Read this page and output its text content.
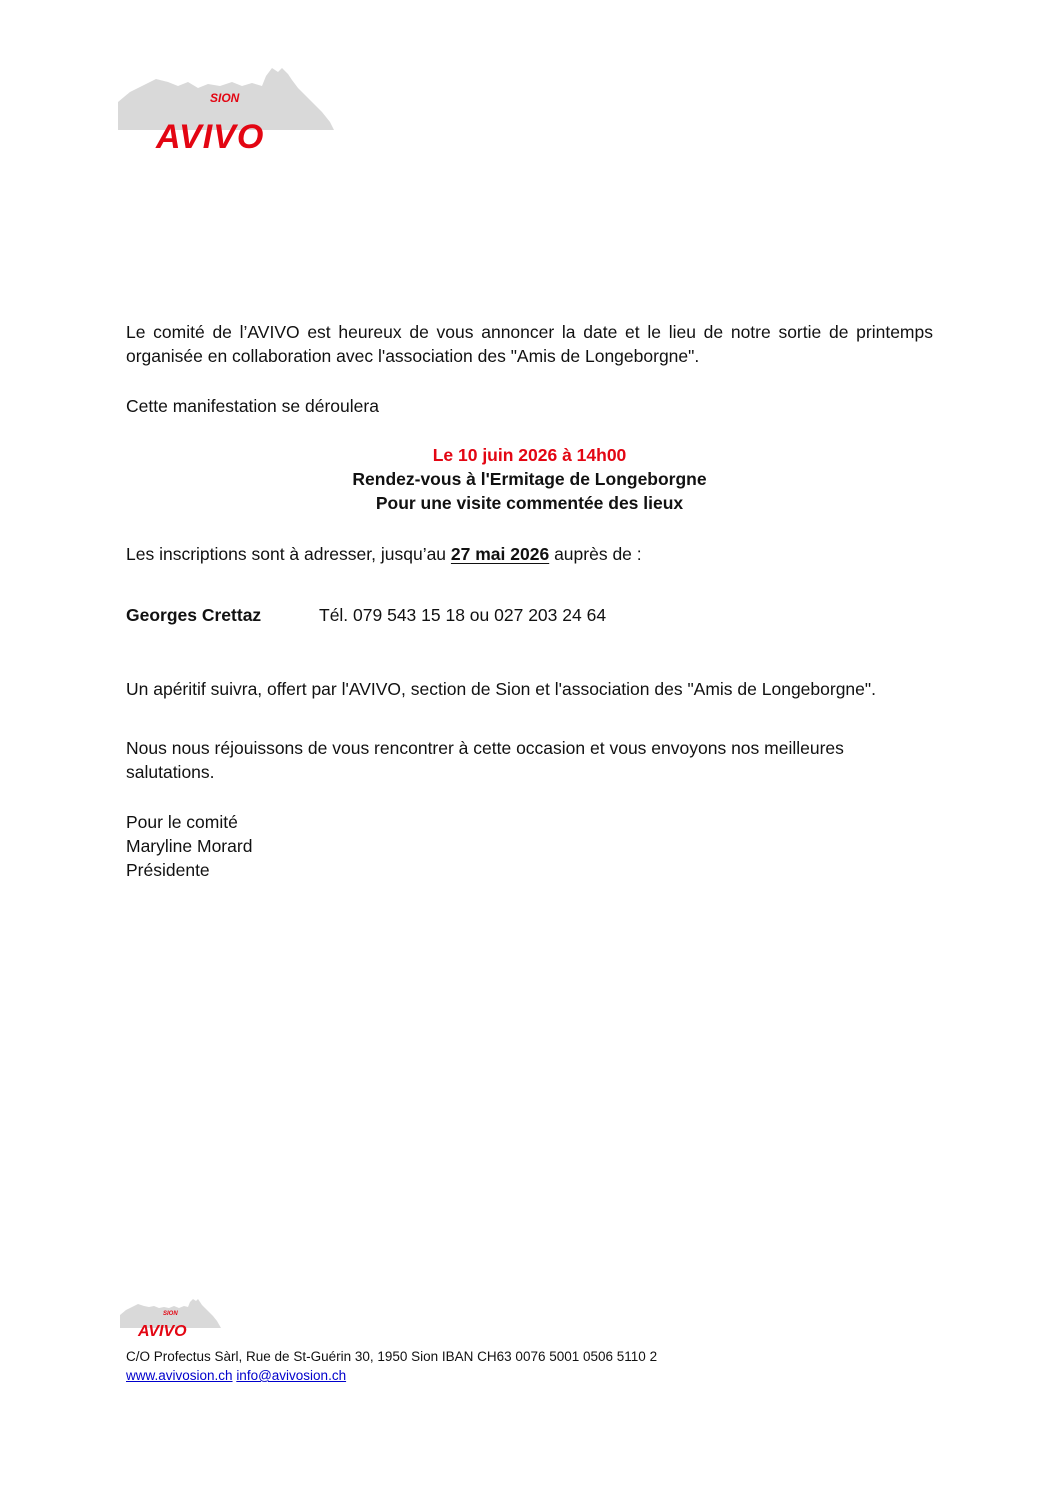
SION
AVIVO
Le comité de l’AVIVO est heureux de vous annoncer la date et le lieu de notre sortie de printemps organisée en collaboration avec l'association des "Amis de Longeborgne".
Cette manifestation se déroulera
Le 10 juin 2026 à 14h00
Rendez-vous à l'Ermitage de Longeborgne
Pour une visite commentée des lieux
Les inscriptions sont à adresser, jusqu’au 27 mai 2026 auprès de :
Georges Crettaz	Tél. 079 543 15 18 ou 027 203 24 64
Un apéritif suivra, offert par l'AVIVO, section de Sion et l'association des "Amis de Longeborgne".
Nous nous réjouissons de vous rencontrer à cette occasion et vous envoyons nos meilleures salutations.
Pour le comité
Maryline Morard
Présidente
SION
AVIVO
C/O Profectus Sàrl, Rue de St-Guérin 30, 1950 Sion IBAN CH63 0076 5001 0506 5110 2
www.avivosion.ch info@avivosion.ch
